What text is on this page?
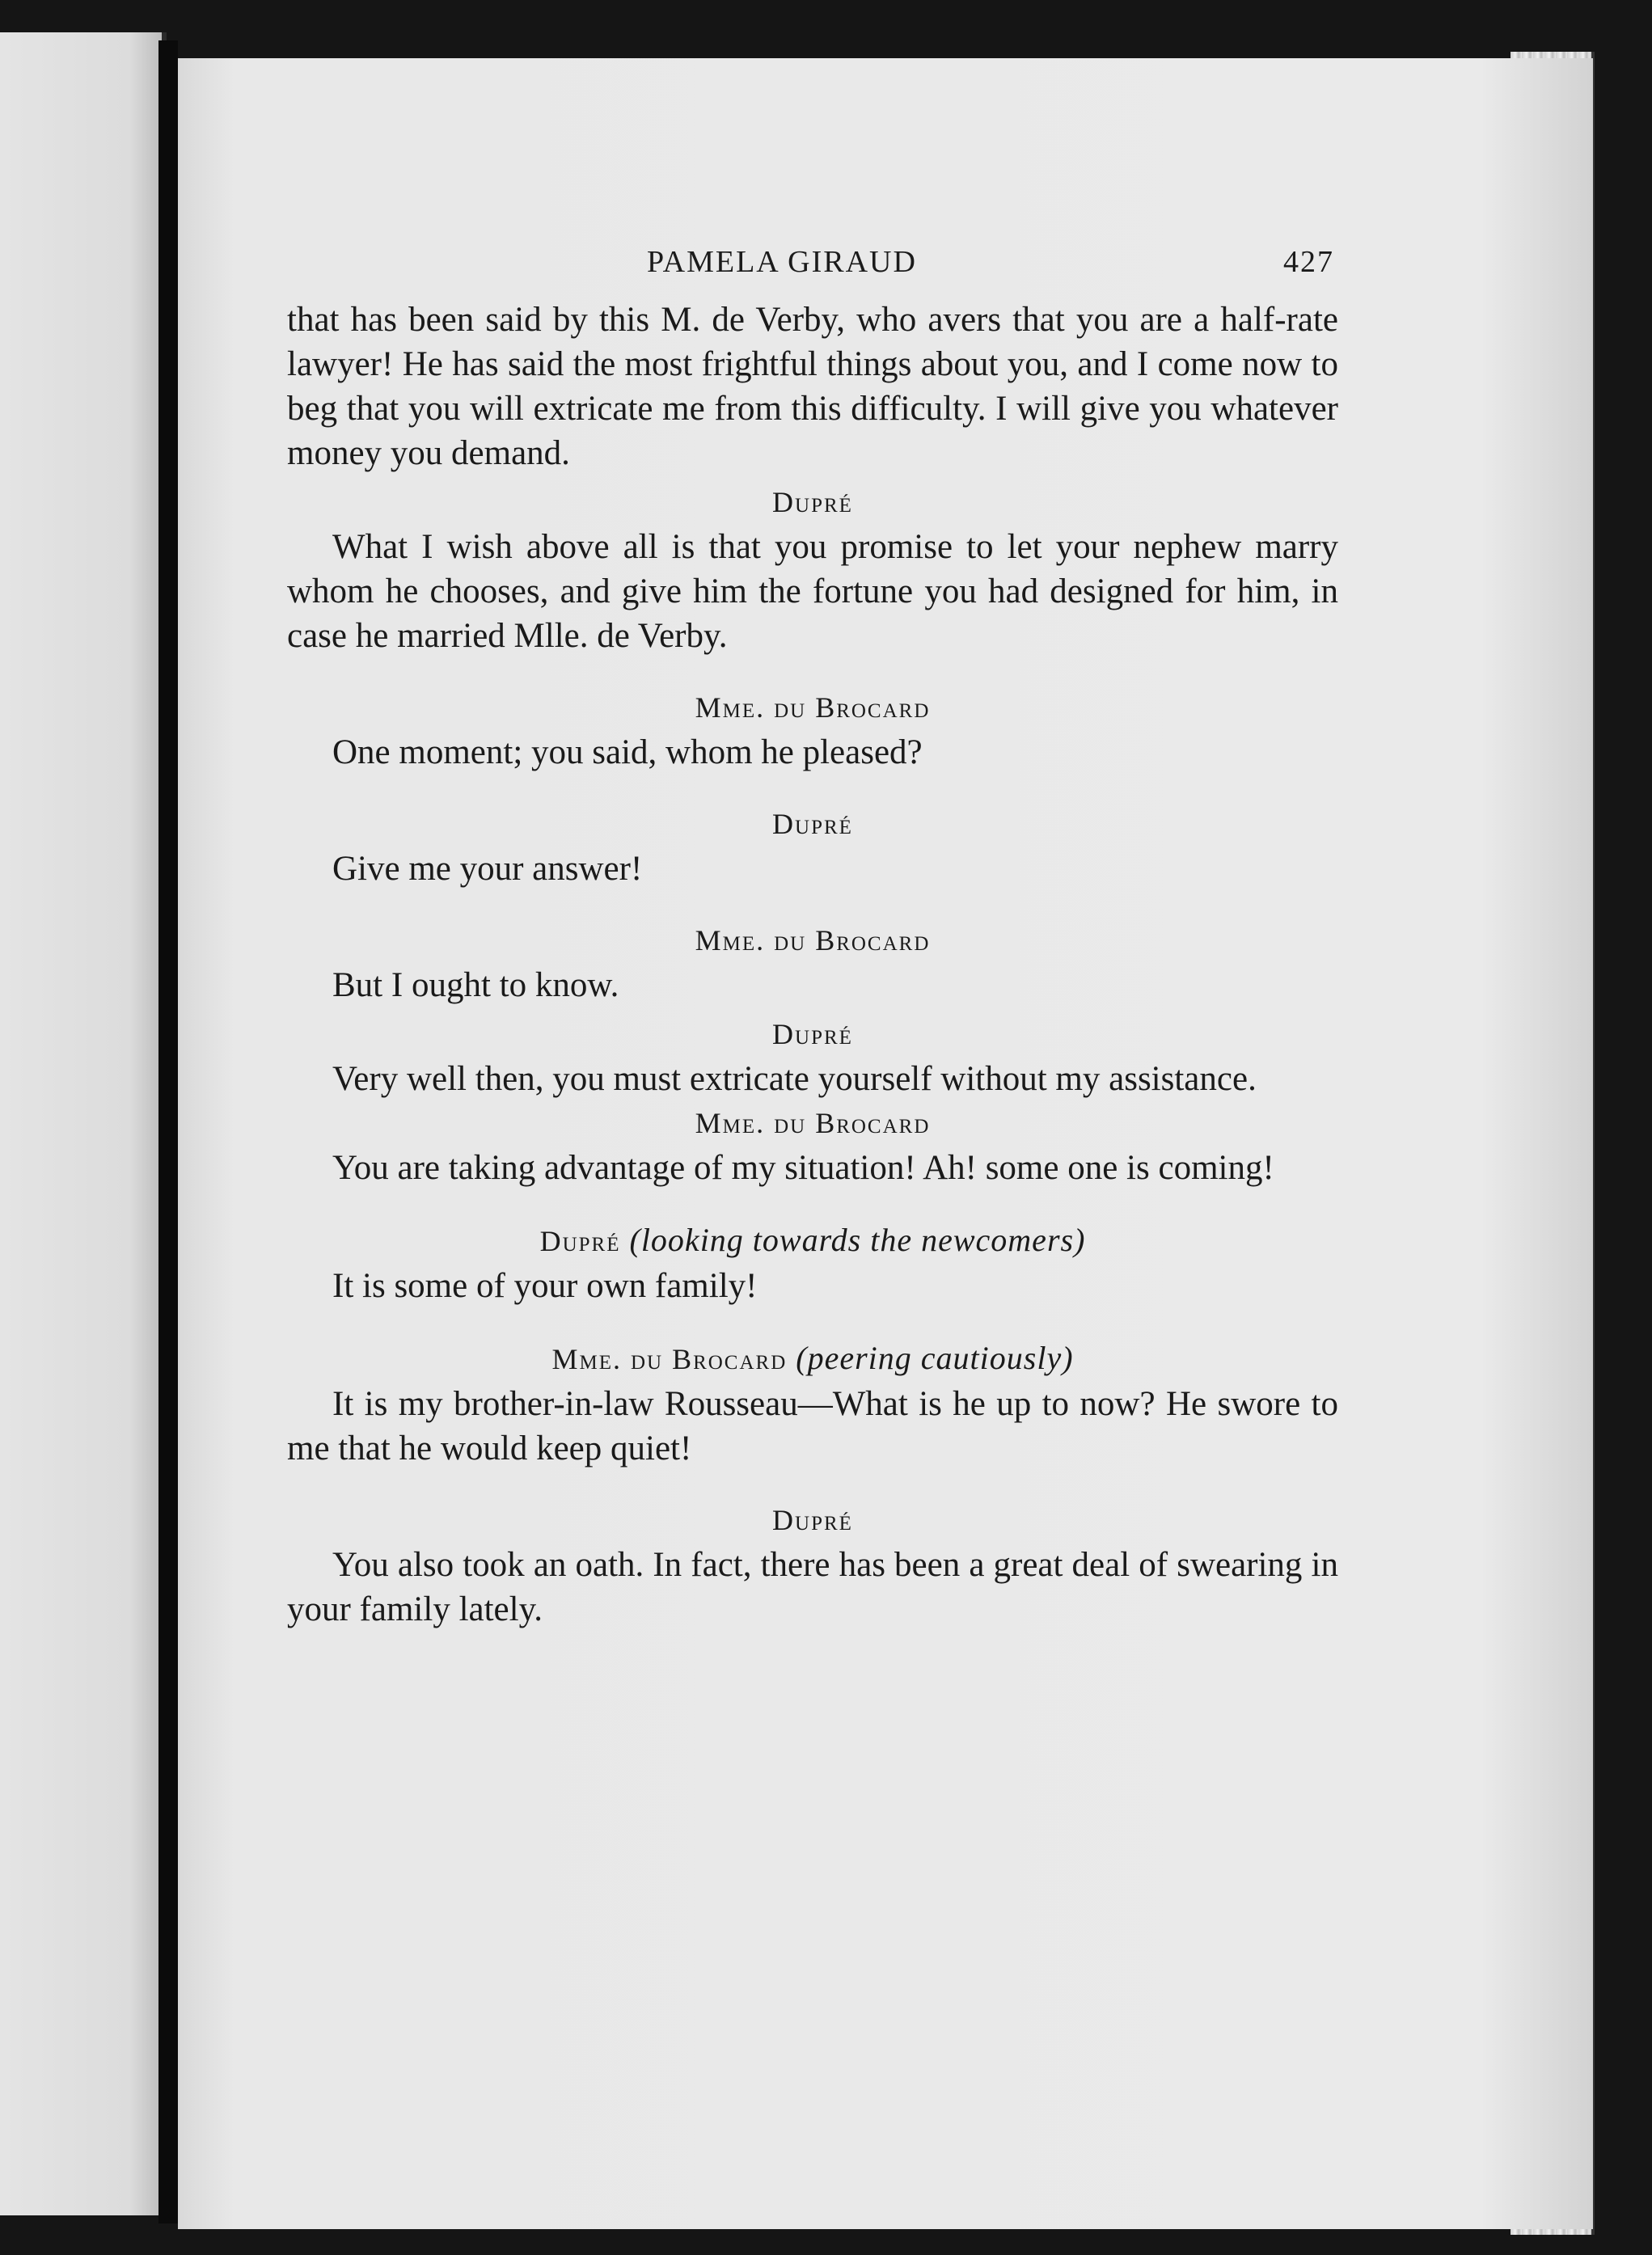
PAMELA GIRAUD	427

that has been said by this M. de Verby, who avers that you are a half-rate lawyer! He has said the most frightful things about you, and I come now to beg that you will extricate me from this difficulty. I will give you whatever money you demand.

Dupré

What I wish above all is that you promise to let your nephew marry whom he chooses, and give him the fortune you had designed for him, in case he married Mlle. de Verby.

Mme. du Brocard

One moment; you said, whom he pleased?

Dupré

Give me your answer!

Mme. du Brocard

But I ought to know.

Dupré

Very well then, you must extricate yourself without my assistance.

Mme. du Brocard

You are taking advantage of my situation! Ah! some one is coming!

Dupré (looking towards the newcomers)

It is some of your own family!

Mme. du Brocard (peering cautiously)

It is my brother-in-law Rousseau—What is he up to now? He swore to me that he would keep quiet!

Dupré

You also took an oath. In fact, there has been a great deal of swearing in your family lately.
